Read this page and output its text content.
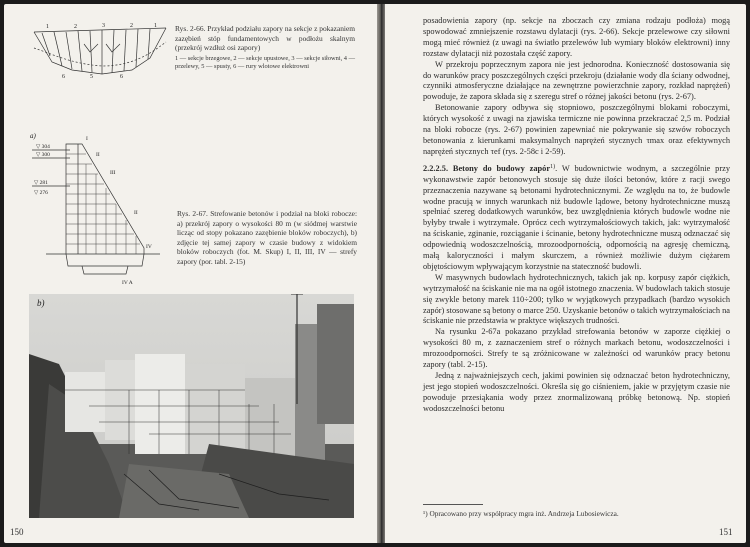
1	2	3	2	1
6	5	6
Rys. 2-66. Przykład podziału zapory na sekcje z pokazaniem zazębień stóp fundamentowych w podłożu skalnym (przekrój wzdłuż osi zapory)
1 — sekcje brzegowe, 2 — sekcje upustowe, 3 — sekcje siłowni, 4 — przelewy, 5 — spusty, 6 — rury wlotowe elektrowni
a)
▽ 304
▽ 300
▽ 281
▽ 276
I
II
III
II
IV
IV A
Rys. 2-67. Strefowanie betonów i podział na bloki robocze: a) przekrój zapory o wysokości 80 m (w siódmej warstwie licząc od stopy pokazano zazębienie bloków roboczych), b) zdjęcie tej samej zapory w czasie budowy z widokiem bloków roboczych (fot. M. Skup) I, II, III, IV — strefy zapory (por. tabl. 2-15)
b)
150

posadowienia zapory (np. sekcje na zboczach czy zmiana rodzaju podłoża) mogą spowodować zmniejszenie rozstawu dylatacji (rys. 2-66). Sekcje przelewowe czy siłowni mogą mieć również (z uwagi na światło przelewów lub wymiary bloków elektrowni) inny rozstaw dylatacji niż pozostała część zapory.

W przekroju poprzecznym zapora nie jest jednorodna. Konieczność dostosowania się do warunków pracy poszczególnych części przekroju (działanie wody dla ściany odwodnej, czynniki atmosferyczne działające na zewnętrzne powierzchnie zapory, rozkład naprężeń) powoduje, że zapora składa się z szeregu stref o różnej jakości betonu (rys. 2-67).

Betonowanie zapory odbywa się stopniowo, poszczególnymi blokami roboczymi, których wysokość z uwagi na zjawiska termiczne nie powinna przekraczać 2,5 m. Podział na bloki robocze (rys. 2-67) powinien zapewniać nie pokrywanie się szwów roboczych betonowania z kierunkami maksymalnych naprężeń stycznych τmax oraz efektywnych naprężeń stycznych τef (rys. 2-58c i 2-59).

2.2.2.5. Betony do budowy zapór$^{1)}$. W budownictwie wodnym, a szczególnie przy wykonawstwie zapór betonowych stosuje się duże ilości betonów, które z racji swego przeznaczenia nazywane są betonami hydrotechnicznymi. Ze względu na to, że budowle wodne pracują w innych warunkach niż budowle lądowe, betony hydrotechniczne muszą spełniać szereg dodatkowych warunków, bez uwzględnienia których budowle wodne nie byłyby trwałe i wytrzymałe. Oprócz cech wytrzymałościowych takich, jak: wytrzymałość na ściskanie, zginanie, rozciąganie i ścinanie, betony hydrotechniczne muszą odznaczać się odpowiednią wodoszczelnością, mrozoodpornością, odpornością na agresję chemiczną, małą kaloryczności i małym skurczem, a również możliwie dużym ciężarem objętościowym wpływającym korzystnie na stateczność budowli.

W masywnych budowlach hydrotechnicznych, takich jak np. korpusy zapór ciężkich, wytrzymałość na ściskanie nie ma na ogół istotnego znaczenia. W budowlach takich stosuje się zwykle betony marek 110÷200; tylko w wyjątkowych przypadkach (bardzo wysokich zapór) stosowane są betony o marce 250. Uzyskanie betonów o takich wytrzymałościach na ściskanie nie przedstawia w praktyce większych trudności.

Na rysunku 2-67a pokazano przykład strefowania betonów w zaporze ciężkiej o wysokości 80 m, z zaznaczeniem stref o różnych markach betonu, wodoszczelności i mrozoodporności. Strefy te są zróżnicowane w zależności od warunków pracy betonu zapory (tabl. 2-15).

Jedną z najważniejszych cech, jakimi powinien się odznaczać beton hydrotechniczny, jest jego stopień wodoszczelności. Określa się go ciśnieniem, jakie w przyjętym czasie nie powoduje przesiąkania wody przez znormalizowaną próbkę betonową. Np. stopień wodoszczelności betonu

¹) Opracowano przy współpracy mgra inż. Andrzeja Lubosiewicza.
151
